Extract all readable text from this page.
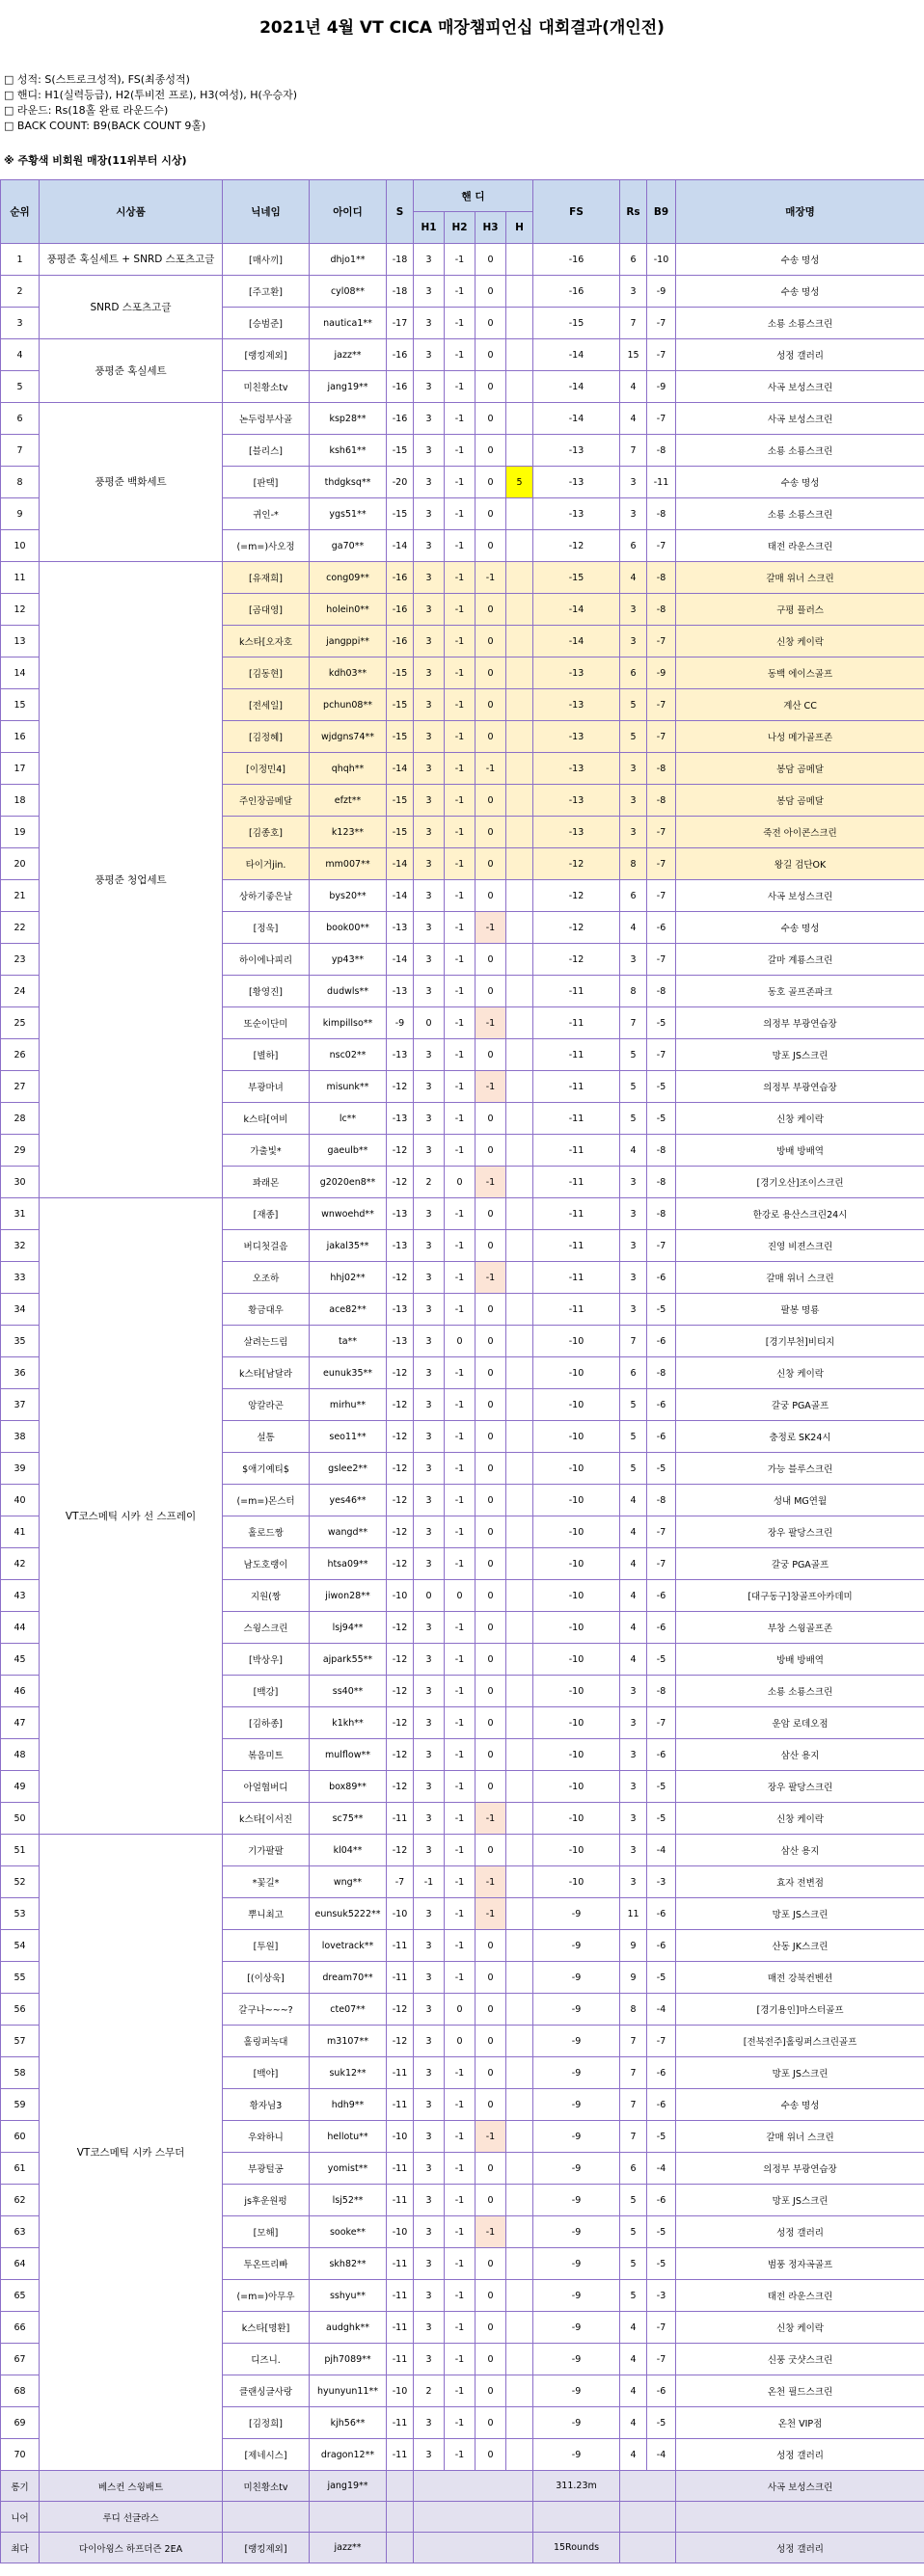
2021년 4월 VT CICA 매장챔피언십 대회결과(개인전)
□ 성적: S(스트로크성적), FS(최종성적)
□ 핸디: H1(실력등급), H2(투비전 프로), H3(여성), H(우승자)
□ 라운드: Rs(18홀 완료 라운드수)
□ BACK COUNT: B9(BACK COUNT 9홀)
※ 주황색 비회원 매장(11위부터 시상)
순위	시상품	닉네임	아이디	S	핸 디				FS	Rs	B9	매장명
					H1	H2	H3	H				
1	풍평준 혹실세트 + SNRD 스포츠고글	[매사끼]	dhjo1**	-18	3	-1	0		-16	6	-10	수송 명성
2	SNRD 스포츠고글	[주고환]	cyl08**	-18	3	-1	0		-16	3	-9	수송 명성
3		[승범준]	nautica1**	-17	3	-1	0		-15	7	-7	소룡 소룡스크린
4	풍평준 혹실세트	[랭킹제외]	jazz**	-16	3	-1	0		-14	15	-7	성정 갤러리
5		미친황소tv	jang19**	-16	3	-1	0		-14	4	-9	사곡 보성스크린
6	풍평준 백화세트	논두렁부사골	ksp28**	-16	3	-1	0		-14	4	-7	사곡 보성스크린
7		[블리스]	ksh61**	-15	3	-1	0		-13	7	-8	소룡 소룡스크린
8		[판택]	thdgksq**	-20	3	-1	0	5	-13	3	-11	수송 명성
9		귀인-*	ygs51**	-15	3	-1	0		-13	3	-8	소룡 소룡스크린
10		(=m=)사오정	ga70**	-14	3	-1	0		-12	6	-7	태전 라운스크린
11	풍평준 청업세트	[유재희]	cong09**	-16	3	-1	-1		-15	4	-8	갈매 위너 스크린
12		[곰대영]	holein0**	-16	3	-1	0		-14	3	-8	구평 플러스
13		k스타[오자호	jangppi**	-16	3	-1	0		-14	3	-7	신창 케이락
14		[김동현]	kdh03**	-15	3	-1	0		-13	6	-9	동백 에이스골프
15		[전세일]	pchun08**	-15	3	-1	0		-13	5	-7	계산 CC
16		[김정혜]	wjdgns74**	-15	3	-1	0		-13	5	-7	나성 메가골프존
17		[이정민4]	qhqh**	-14	3	-1	-1		-13	3	-8	봉담 곰메달
18		주인장곰메달	efzt**	-15	3	-1	0		-13	3	-8	봉담 곰메달
19		[김종호]	k123**	-15	3	-1	0		-13	3	-7	죽전 아이콘스크린
20		타이거jin.	mm007**	-14	3	-1	0		-12	8	-7	왕길 검단OK
21		상하기좋은날	bys20**	-14	3	-1	0		-12	6	-7	사곡 보성스크린
22		[정욱]	book00**	-13	3	-1	-1		-12	4	-6	수송 명성
23		하이에나피리	yp43**	-14	3	-1	0		-12	3	-7	갈마 계룡스크린
24		[황영진]	dudwls**	-13	3	-1	0		-11	8	-8	동호 골프존파크
25		또순이단미	kimpillso**	-9	0	-1	-1		-11	7	-5	의정부 부광연습장
26		[별하]	nsc02**	-13	3	-1	0		-11	5	-7	망포 JS스크린
27		부광마녀	misunk**	-12	3	-1	-1		-11	5	-5	의정부 부광연습장
28		k스타[여비	lc**	-13	3	-1	0		-11	5	-5	신창 케이락
29		가출빛*	gaeulb**	-12	3	-1	0		-11	4	-8	방배 방배역
30		꽈래몬	g2020en8**	-12	2	0	-1		-11	3	-8	[경기오산]조이스크린
31	VT코스메틱 시카 선 스프레이	[재종]	wnwoehd**	-13	3	-1	0		-11	3	-8	한강로 용산스크린24시
32		버디첫걸음	jakal35**	-13	3	-1	0		-11	3	-7	진영 비젼스크린
33		오조하	hhj02**	-12	3	-1	-1		-11	3	-6	갈매 위너 스크린
34		황금대우	ace82**	-13	3	-1	0		-11	3	-5	팔봉 명룡
35		살려는드림	ta**	-13	3	0	0		-10	7	-6	[경기부천]비티지
36		k스타[남달라	eunuk35**	-12	3	-1	0		-10	6	-8	신창 케이락
37		앙칼라곤	mirhu**	-12	3	-1	0		-10	5	-6	갈궁 PGA골프
38		설통	seo11**	-12	3	-1	0		-10	5	-6	충정로 SK24시
39		$애기예티$	gslee2**	-12	3	-1	0		-10	5	-5	가능 블루스크린
40		(=m=)몬스터	yes46**	-12	3	-1	0		-10	4	-8	성내 MG연월
41		홀로드짱	wangd**	-12	3	-1	0		-10	4	-7	장우 팔당스크린
42		남도호랭이	htsa09**	-12	3	-1	0		-10	4	-7	갈궁 PGA골프
43		지원(짱	jiwon28**	-10	0	0	0		-10	4	-6	[대구동구]창골프아카데미
44		스윙스크린	lsj94**	-12	3	-1	0		-10	4	-6	부창 스윙골프존
45		[박상우]	ajpark55**	-12	3	-1	0		-10	4	-5	방배 방배역
46		[백강]	ss40**	-12	3	-1	0		-10	3	-8	소룡 소룡스크린
47		[김하종]	k1kh**	-12	3	-1	0		-10	3	-7	운암 로데오점
48		볶음미트	mulflow**	-12	3	-1	0		-10	3	-6	삼산 용지
49		아얼협버디	box89**	-12	3	-1	0		-10	3	-5	장우 팔당스크린
50		k스타[이서진	sc75**	-11	3	-1	-1		-10	3	-5	신창 케이락
51	VT코스메틱 시카 스무더	기가팔팔	kl04**	-12	3	-1	0		-10	3	-4	삼산 용지
52		*꽃길*	wng**	-7	-1	-1	-1		-10	3	-3	효자 전변점
53		뿌니최고	eunsuk5222**	-10	3	-1	-1		-9	11	-6	망포 JS스크린
54		[투원]	lovetrack**	-11	3	-1	0		-9	9	-6	산동 JK스크린
55		[(이상욱]	dream70**	-11	3	-1	0		-9	9	-5	매전 강북컨벤션
56		갈구나~~~?	cte07**	-12	3	0	0		-9	8	-4	[경기용인]마스터골프
57		홀링퍼녹대	m3107**	-12	3	0	0		-9	7	-7	[전북전주]홀링퍼스크린골프
58		[백야]	suk12**	-11	3	-1	0		-9	7	-6	망포 JS스크린
59		황자님3	hdh9**	-11	3	-1	0		-9	7	-6	수송 명성
60		우와하니	hellotu**	-10	3	-1	-1		-9	7	-5	갈매 위너 스크린
61		부광털공	yomist**	-11	3	-1	0		-9	6	-4	의정부 부광연습장
62		js후운원펑	lsj52**	-11	3	-1	0		-9	5	-6	망포 JS스크린
63		[모해]	sooke**	-10	3	-1	-1		-9	5	-5	성정 갤러리
64		투온뜨리빠	skh82**	-11	3	-1	0		-9	5	-5	범풍 정자곡골프
65		(=m=)아무우	sshyu**	-11	3	-1	0		-9	5	-3	태전 라운스크린
66		k스타[명환]	audghk**	-11	3	-1	0		-9	4	-7	신창 케이락
67		디즈니.	pjh7089**	-11	3	-1	0		-9	4	-7	신풍 굿샷스크린
68		클랜싱글사랑	hyunyun11**	-10	2	-1	0		-9	4	-6	온천 필드스크린
69		[김정희]	kjh56**	-11	3	-1	0		-9	4	-5	온천 VIP점
70		[제네시스]	dragon12**	-11	3	-1	0		-9	4	-4	성정 갤러리
롱기	베스컨 스윙배트	미친황소tv	jang19**						311.23m			사곡 보성스크린
니어	루디 선글라스											
최다	다이아윙스 하프더즌 2EA	[랭킹제외]	jazz**						15Rounds			성정 갤러리
